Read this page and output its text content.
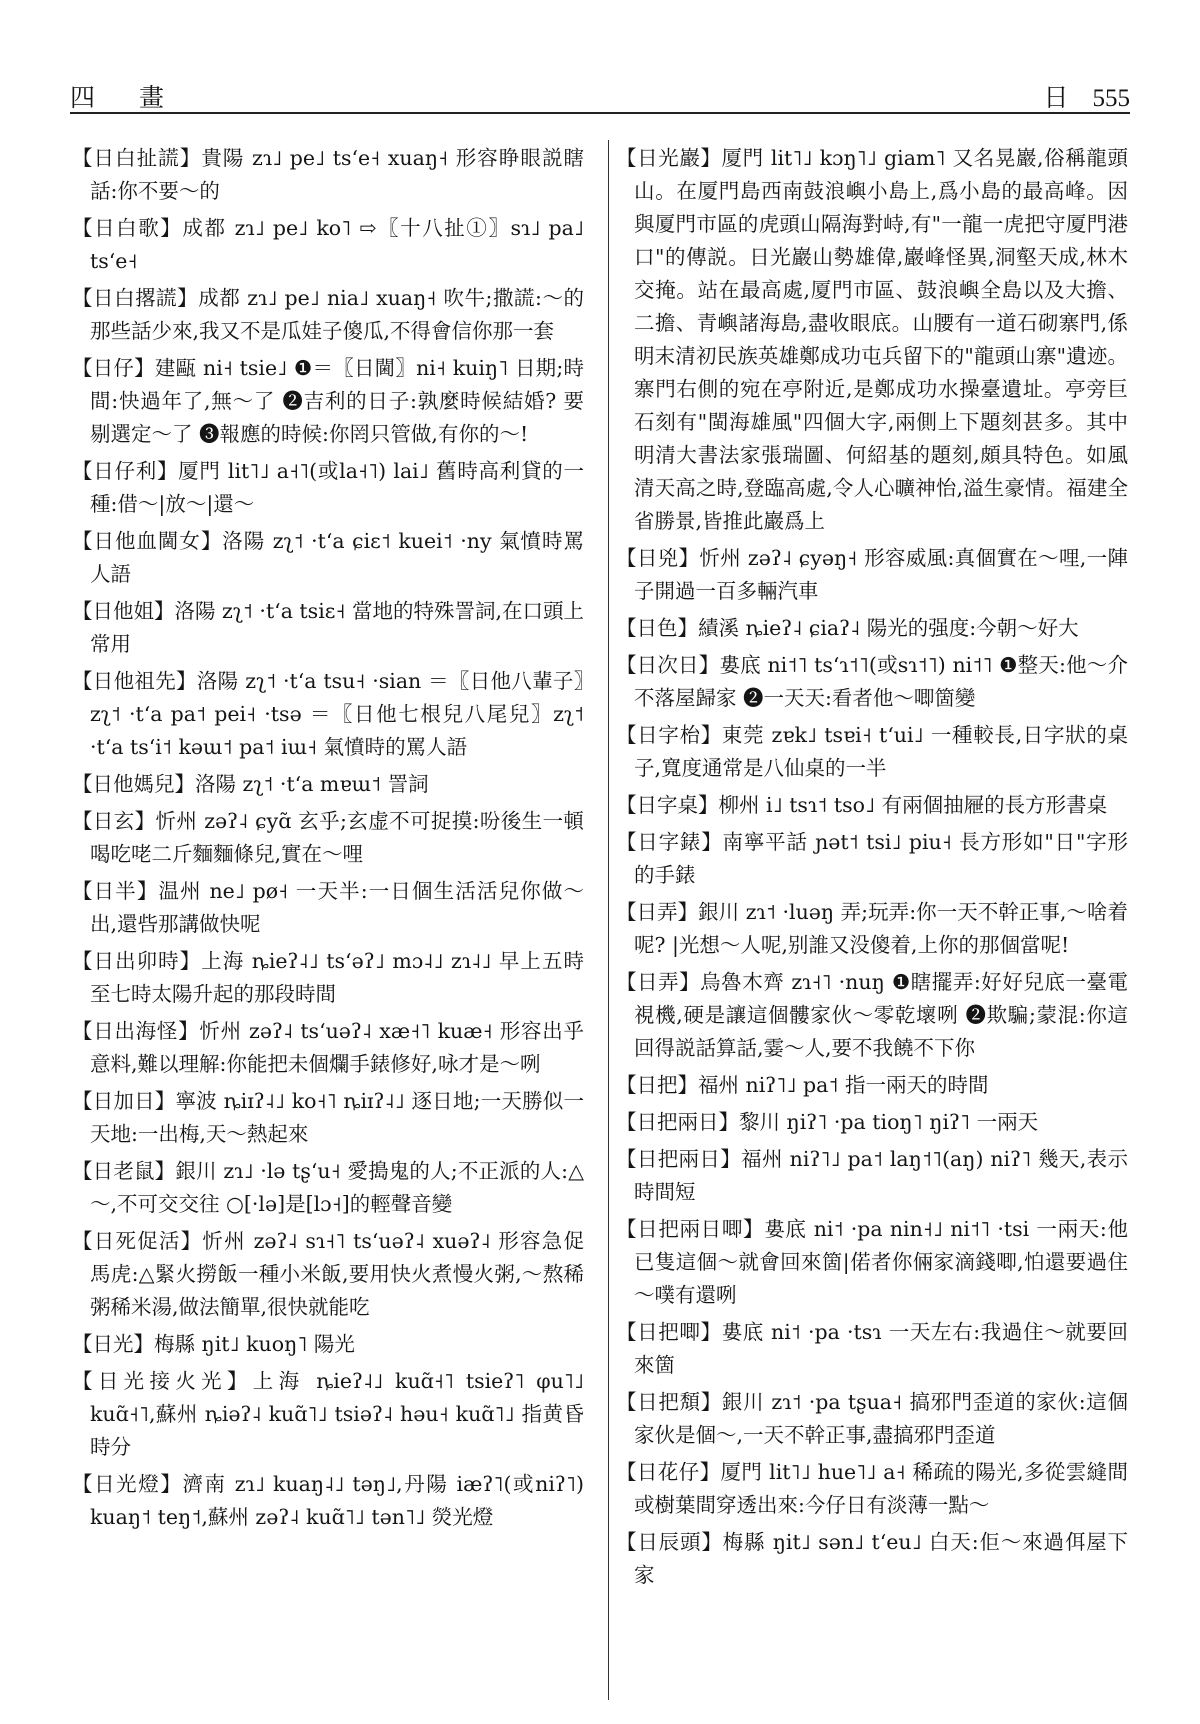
四 畫	日 555

【日白扯謊】貴陽 zɿ˩ pe˩ tsʻe˧ xuaŋ˧ 形容睁眼説瞎話:你不要～的

【日白歌】成都 zɿ˩ pe˩ ko˥ ⇨〖十八扯①〗sɿ˩ pa˩ tsʻe˧

【日白撂謊】成都 zɿ˩ pe˩ nia˩ xuaŋ˧ 吹牛;撒謊:～的那些話少來,我又不是瓜娃子傻瓜,不得會信你那一套

【日仔】建甌 ni˧ tsie˩ ❶＝〖日閫〗ni˧ kuiŋ˥ 日期;時間:快過年了,無～了 ❷吉利的日子:孰麼時候結婚? 要剔選定～了 ❸報應的時候:你罔只管做,有你的～!

【日仔利】厦門 lit˥˩ a˧˥(或la˧˥) lai˩ 舊時高利貸的一種:借～|放～|還～

【日他血閫女】洛陽 zʅ˦ ·tʻa ɕiɛ˦ kuei˦ ·ny 氣憤時罵人語

【日他姐】洛陽 zʅ˦ ·tʻa tsiɛ˧ 當地的特殊詈詞,在口頭上常用

【日他祖先】洛陽 zʅ˦ ·tʻa tsu˧ ·sian ＝〖日他八輩子〗zʅ˦ ·tʻa pa˦ pei˧ ·tsə ＝〖日他七根兒八尾兒〗zʅ˦ ·tʻa tsʻi˦ kəɯ˦ pa˦ iɯ˧ 氣憤時的罵人語

【日他媽兒】洛陽 zʅ˦ ·tʻa mɐɯ˦ 詈詞

【日玄】忻州 zəʔ˨ ɕyɑ̃ 玄乎;玄虚不可捉摸:吩後生一頓喝吃咾二斤麵麵條兒,實在～哩

【日半】温州 ne˩ pø˧ 一天半:一日個生活活兒你做～出,還呰那講做快呢

【日出卯時】上海 ȵieʔ˨˩ tsʻəʔ˩ mɔ˨˩ zɿ˨˩ 早上五時至七時太陽升起的那段時間

【日出海怪】忻州 zəʔ˨ tsʻuəʔ˨ xæ˧˥ kuæ˧ 形容出乎意料,難以理解:你能把未個爛手錶修好,咏才是～咧

【日加日】寧波 ȵiɪʔ˨˩ ko˧˥ ȵiɪʔ˨˩ 逐日地;一天勝似一天地:一出梅,天～熱起來

【日老鼠】銀川 zɿ˩ ·lə tʂʻu˧ 愛搗鬼的人;不正派的人:△～,不可交交往 ○[·lə]是[lɔ˧]的輕聲音變

【日死促活】忻州 zəʔ˨ sɿ˧˥ tsʻuəʔ˨ xuəʔ˨ 形容急促馬虎:△緊火撈飯一種小米飯,要用快火煮慢火粥,～熬稀粥稀米湯,做法簡單,很快就能吃

【日光】梅縣 ŋit˩ kuoŋ˥ 陽光

【日光接火光】上海 ȵieʔ˨˩ kuɑ̃˧˥ tsieʔ˥ φu˥˩ kuɑ̃˧˥,蘇州 ȵiəʔ˨ kuɑ̃˥˩ tsiəʔ˨ həu˧ kuɑ̃˥˩ 指黄昏時分

【日光燈】濟南 zɿ˩ kuaŋ˨˩ təŋ˩,丹陽 iæʔ˥(或niʔ˥) kuaŋ˦ teŋ˦,蘇州 zəʔ˨ kuɑ̃˥˩ tən˥˩ 熒光燈

【日光巖】厦門 lit˥˩ kɔŋ˥˩ giam˥ 又名晃巖,俗稱龍頭山。在厦門島西南鼓浪嶼小島上,爲小島的最高峰。因與厦門市區的虎頭山隔海對峙,有"一龍一虎把守厦門港口"的傳説。日光巖山勢雄偉,巖峰怪異,洞壑天成,林木交掩。站在最高處,厦門市區、鼓浪嶼全島以及大擔、二擔、青嶼諸海島,盡收眼底。山腰有一道石砌寨門,係明末清初民族英雄鄭成功屯兵留下的"龍頭山寨"遺迹。寨門右側的宛在亭附近,是鄭成功水操臺遺址。亭旁巨石刻有"閩海雄風"四個大字,兩側上下題刻甚多。其中明清大書法家張瑞圖、何紹基的題刻,頗具特色。如風清天高之時,登臨高處,令人心曠神怡,溢生豪情。福建全省勝景,皆推此巖爲上

【日兇】忻州 zəʔ˨ ɕyəŋ˧ 形容威風:真個實在～哩,一陣子開過一百多輛汽車

【日色】績溪 ȵieʔ˨ ɕiaʔ˨ 陽光的强度:今朝～好大

【日次日】婁底 ni˦˥ tsʻɿ˦˥(或sɿ˦˥) ni˦˥ ❶整天:他～介不落屋歸家 ❷一天天:看者他～唧箇變

【日字枱】東莞 zɐk˩ tsɐi˧ tʻui˩ 一種較長,日字狀的桌子,寬度通常是八仙桌的一半

【日字桌】柳州 i˩ tsɿ˦ tso˩ 有兩個抽屜的長方形書桌

【日字錶】南寧平話 ɲət˦ tsi˩ piu˧ 長方形如"日"字形的手錶

【日弄】銀川 zɿ˦ ·luəŋ 弄;玩弄:你一天不幹正事,～啥着呢? |光想～人呢,别誰又没傻着,上你的那個當呢!

【日弄】烏魯木齊 zɿ˧˥ ·nuŋ ❶瞎擺弄:好好兒底一臺電視機,硬是讓這個髏家伙～零乾壞咧 ❷欺騙;蒙混:你這回得説話算話,霎～人,要不我饒不下你

【日把】福州 niʔ˥˩ pa˦ 指一兩天的時間

【日把兩日】黎川 ŋiʔ˥ ·pa tioŋ˥ ŋiʔ˥ 一兩天

【日把兩日】福州 niʔ˥˩ pa˦ laŋ˦˥(aŋ) niʔ˥ 幾天,表示時間短

【日把兩日唧】婁底 ni˦ ·pa nin˧˩ ni˦˥ ·tsi 一兩天:他已隻這個～就會回來箇|偌者你倆家滴錢唧,怕還要過住～噗有還咧

【日把唧】婁底 ni˦ ·pa ·tsɿ 一天左右:我過住～就要回來箇

【日把頽】銀川 zɿ˦ ·pa tʂua˧ 搞邪門歪道的家伙:這個家伙是個～,一天不幹正事,盡搞邪門歪道

【日花仔】厦門 lit˥˩ hue˥˩ a˧ 稀疏的陽光,多從雲縫間或樹葉間穿透出來:今仔日有淡薄一點～

【日辰頭】梅縣 ŋit˩ sən˩ tʻeu˩ 白天:佢～來過佴屋下家
